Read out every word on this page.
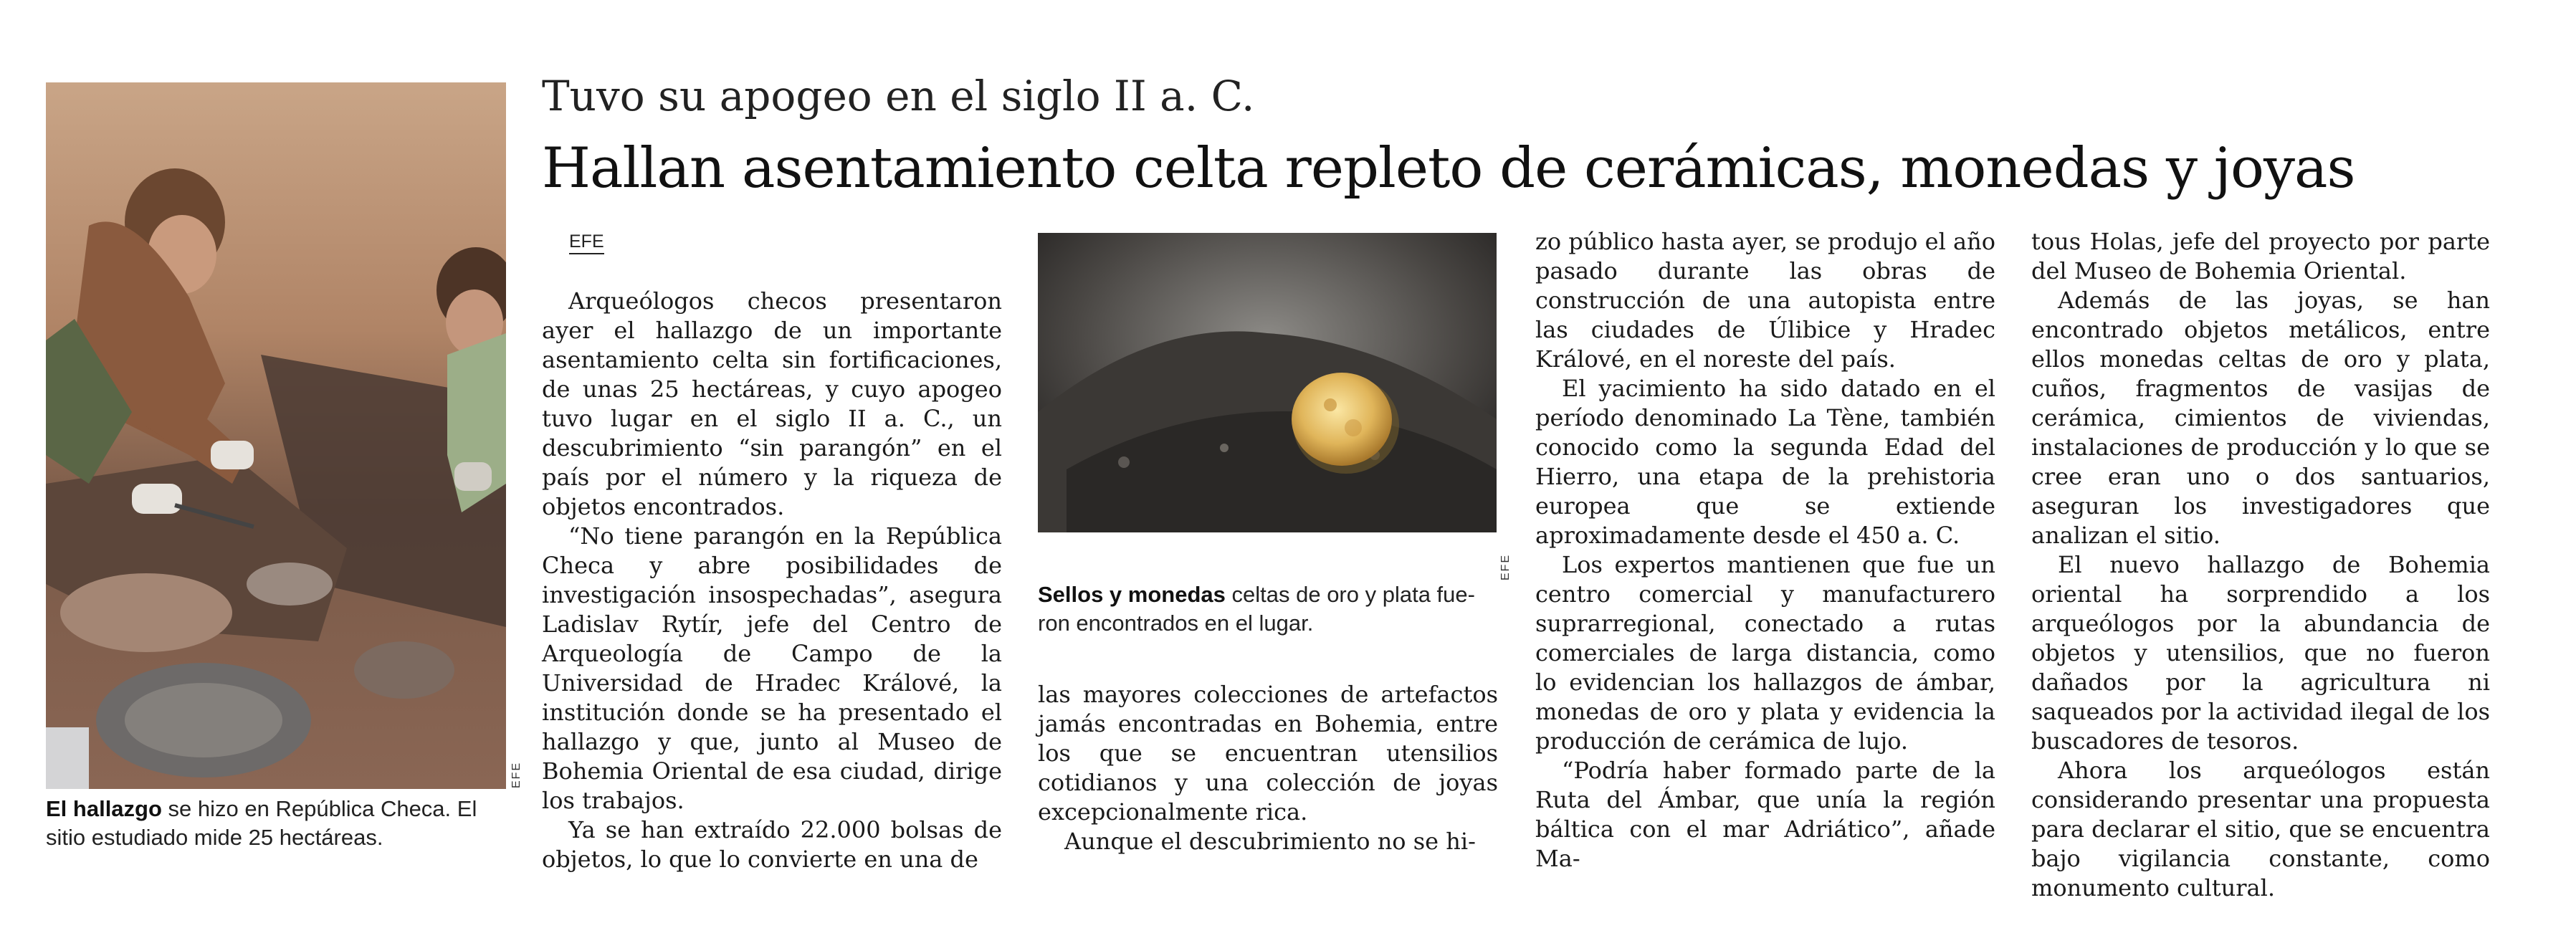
EFE
El hallazgo se hizo en República Checa. El
sitio estudiado mide 25 hectáreas.
Tuvo su apogeo en el siglo II a. C.
Hallan asentamiento celta repleto de cerámicas, monedas y joyas
EFE

Arqueólogos checos presentaron ayer el hallazgo de un importante asentamiento celta sin fortificaciones, de unas 25 hectáreas, y cuyo apogeo tuvo lugar en el siglo II a. C., un descubrimiento “sin parangón” en el país por el número y la riqueza de objetos encontrados.

“No tiene parangón en la República Checa y abre posibilidades de investigación insospechadas”, asegura Ladislav Rytír, jefe del Centro de Arqueología de Campo de la Universidad de Hradec Králové, la institución donde se ha presentado el hallazgo y que, junto al Museo de Bohemia Oriental de esa ciudad, dirige los trabajos.

Ya se han extraído 22.000 bolsas de objetos, lo que lo convierte en una de

EFE
Sellos y monedas celtas de oro y plata fue-
ron encontrados en el lugar.

las mayores colecciones de artefactos jamás encontradas en Bohemia, entre los que se encuentran utensilios cotidianos y una colección de joyas excepcionalmente rica.

Aunque el descubrimiento no se hi-

zo público hasta ayer, se produjo el año pasado durante las obras de construcción de una autopista entre las ciudades de Úlibice y Hradec Králové, en el noreste del país.

El yacimiento ha sido datado en el período denominado La Tène, también conocido como la segunda Edad del Hierro, una etapa de la prehistoria europea que se extiende aproximadamente desde el 450 a. C.

Los expertos mantienen que fue un centro comercial y manufacturero suprarregional, conectado a rutas comerciales de larga distancia, como lo evidencian los hallazgos de ámbar, monedas de oro y plata y evidencia la producción de cerámica de lujo.

“Podría haber formado parte de la Ruta del Ámbar, que unía la región báltica con el mar Adriático”, añade Ma-

tous Holas, jefe del proyecto por parte del Museo de Bohemia Oriental.

Además de las joyas, se han encontrado objetos metálicos, entre ellos monedas celtas de oro y plata, cuños, fragmentos de vasijas de cerámica, cimientos de viviendas, instalaciones de producción y lo que se cree eran uno o dos santuarios, aseguran los investigadores que analizan el sitio.

El nuevo hallazgo de Bohemia oriental ha sorprendido a los arqueólogos por la abundancia de objetos y utensilios, que no fueron dañados por la agricultura ni saqueados por la actividad ilegal de los buscadores de tesoros.

Ahora los arqueólogos están considerando presentar una propuesta para declarar el sitio, que se encuentra bajo vigilancia constante, como monumento cultural.
